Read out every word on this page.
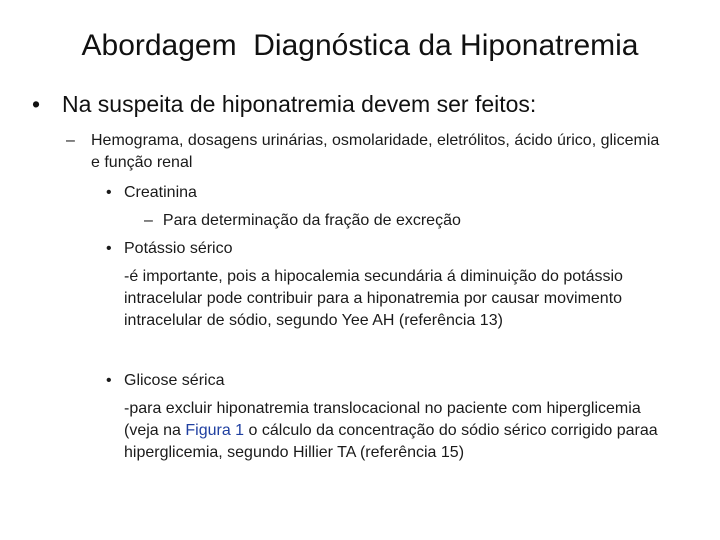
Abordagem  Diagnóstica da Hiponatremia
• Na suspeita de hiponatremia devem ser feitos:
– Hemograma, dosagens urinárias, osmolaridade, eletrólitos, ácido úrico, glicemia e função renal
• Creatinina
– Para determinação da fração de excreção
• Potássio sérico
-é importante, pois a hipocalemia secundária á diminuição do potássio intracelular pode contribuir para a hiponatremia por causar movimento intracelular de sódio, segundo Yee AH (referência 13)
• Glicose sérica
-para excluir hiponatremia translocacional no paciente com hiperglicemia (veja na Figura 1 o cálculo da concentração do sódio sérico corrigido paraa hiperglicemia, segundo Hillier TA (referência 15)
